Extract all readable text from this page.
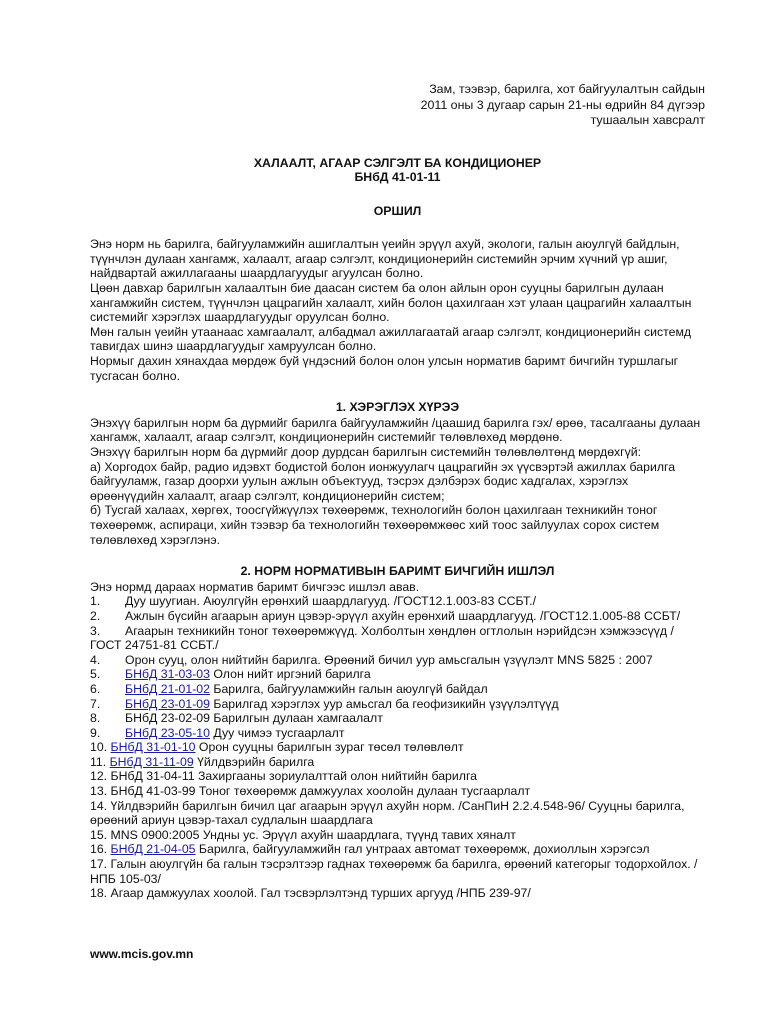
Зам, тээвэр, барилга, хот байгуулалтын сайдын
2011 оны 3 дугаар сарын 21-ны өдрийн 84 дүгээр
тушаалын хавсралт
ХАЛААЛТ, АГААР СЭЛГЭЛТ БА КОНДИЦИОНЕР
БНбД 41-01-11
ОРШИЛ

Энэ норм нь барилга, байгууламжийн ашиглалтын үеийн эрүүл ахуй, экологи, галын аюулгүй байдлын, түүнчлэн дулаан хангамж, халаалт, агаар сэлгэлт, кондиционерийн системийн эрчим хүчний үр ашиг, найдвартай ажиллагааны шаардлагуудыг агуулсан болно.

Цөөн давхар барилгын халаалтын бие даасан систем ба олон айлын орон сууцны барилгын дулаан хангамжийн систем, түүнчлэн цацрагийн халаалт, хийн болон цахилгаан хэт улаан цацрагийн халаалтын системийг хэрэглэх шаардлагуудыг оруулсан болно.

Мөн галын үеийн утаанаас хамгаалалт, албадмал ажиллагаатай агаар сэлгэлт, кондиционерийн системд тавигдах шинэ шаардлагуудыг хамруулсан болно.

Нормыг дахин хянахдаа мөрдөж буй үндэсний болон олон улсын норматив баримт бичгийн туршлагыг тусгасан болно.

1. ХЭРЭГЛЭХ ХҮРЭЭ

Энэхүү барилгын норм ба дүрмийг барилга байгууламжийн /цаашид барилга гэх/ өрөө, тасалгааны дулаан хангамж, халаалт, агаар сэлгэлт, кондиционерийн системийг төлөвлөхөд мөрдөнө.

Энэхүү барилгын норм ба дүрмийг доор дурдсан барилгын системийн төлөвлөлтөнд мөрдөхгүй:

а) Хоргодох байр, радио идэвхт бодистой болон ионжуулагч цацрагийн эх үүсвэртэй ажиллах барилга байгууламж, газар доорхи уулын ажлын объектууд, тэсрэх дэлбэрэх бодис хадгалах, хэрэглэх өрөөнүүдийн халаалт, агаар сэлгэлт, кондиционерийн систем;

б) Тусгай халаах, хөргөх, тоосгүйжүүлэх төхөөрөмж, технологийн болон цахилгаан техникийн тоног төхөөрөмж, аспираци, хийн тээвэр ба технологийн төхөөрөмжөөс хий тоос зайлуулах сорох систем төлөвлөхөд хэрэглэнэ.

2. НОРМ НОРМАТИВЫН БАРИМТ БИЧГИЙН ИШЛЭЛ

Энэ нормд дараах норматив баримт бичгээс ишлэл авав.

1. Дуу шуугиан. Аюулгүйн ерөнхий шаардлагууд. /ГОСТ12.1.003-83 ССБТ./

2. Ажлын бүсийн агаарын ариун цэвэр-эрүүл ахуйн ерөнхий шаардлагууд. /ГОСТ12.1.005-88 ССБТ/

3. Агаарын техникийн тоног төхөөрөмжүүд. Холболтын хөндлөн огтлолын нэрийдсэн хэмжээсүүд /ГОСТ 24751-81 ССБТ./

4. Орон сууц, олон нийтийн барилга. Өрөөний бичил уур амьсгалын үзүүлэлт MNS 5825 : 2007

5. БНбД 31-03-03 Олон нийт иргэний барилга

6. БНбД 21-01-02 Барилга, байгууламжийн галын аюулгүй байдал

7. БНбД 23-01-09 Барилгад хэрэглэх уур амьсгал ба геофизикийн үзүүлэлтүүд

8. БНбД 23-02-09 Барилгын дулаан хамгаалалт

9. БНбД 23-05-10 Дуу чимээ тусгаарлалт

10. БНбД 31-01-10 Орон сууцны барилгын зураг төсөл төлөвлөлт

11. БНбД 31-11-09 Үйлдвэрийн барилга

12. БНбД 31-04-11 Захиргааны зориулалттай олон нийтийн барилга

13. БНбД 41-03-99 Тоног төхөөрөмж дамжуулах хоолойн дулаан тусгаарлалт

14. Үйлдвэрийн барилгын бичил цаг агаарын эрүүл ахуйн норм. /СанПиН 2.2.4.548-96/ Сууцны барилга, өрөөний ариун цэвэр-тахал судлалын шаардлага

15. MNS 0900:2005 Ундны ус. Эрүүл ахуйн шаардлага, түүнд тавих хяналт

16. БНбД 21-04-05 Барилга, байгууламжийн гал унтраах автомат төхөөрөмж, дохиоллын хэрэгсэл

17. Галын аюулгүйн ба галын тэсрэлтээр гаднах төхөөрөмж ба барилга, өрөөний категорыг тодорхойлох. /НПБ 105-03/

18. Агаар дамжуулах хоолой. Гал тэсвэрлэлтэнд турших аргууд /НПБ 239-97/

www.mcis.gov.mn
